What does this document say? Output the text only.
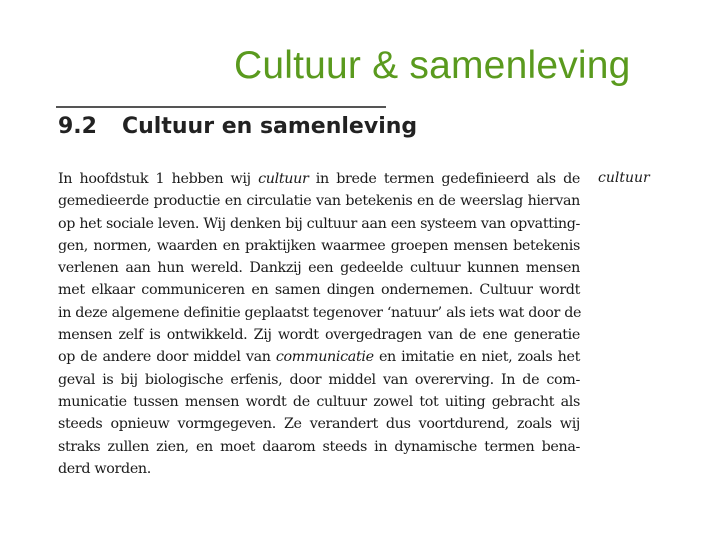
Cultuur & samenleving
9.2 Cultuur en samenleving
In hoofdstuk 1 hebben wij cultuur in brede termen gedefinieerd als de
gemedieerde productie en circulatie van betekenis en de weerslag hiervan
op het sociale leven. Wij denken bij cultuur aan een systeem van opvatting-
gen, normen, waarden en praktijken waarmee groepen mensen betekenis
verlenen aan hun wereld. Dankzij een gedeelde cultuur kunnen mensen
met elkaar communiceren en samen dingen ondernemen. Cultuur wordt
in deze algemene definitie geplaatst tegenover ‘natuur’ als iets wat door de
mensen zelf is ontwikkeld. Zij wordt overgedragen van de ene generatie
op de andere door middel van communicatie en imitatie en niet, zoals het
geval is bij biologische erfenis, door middel van overerving. In de com-
municatie tussen mensen wordt de cultuur zowel tot uiting gebracht als
steeds opnieuw vormgegeven. Ze verandert dus voortdurend, zoals wij
straks zullen zien, en moet daarom steeds in dynamische termen bena-
derd worden.
cultuur
